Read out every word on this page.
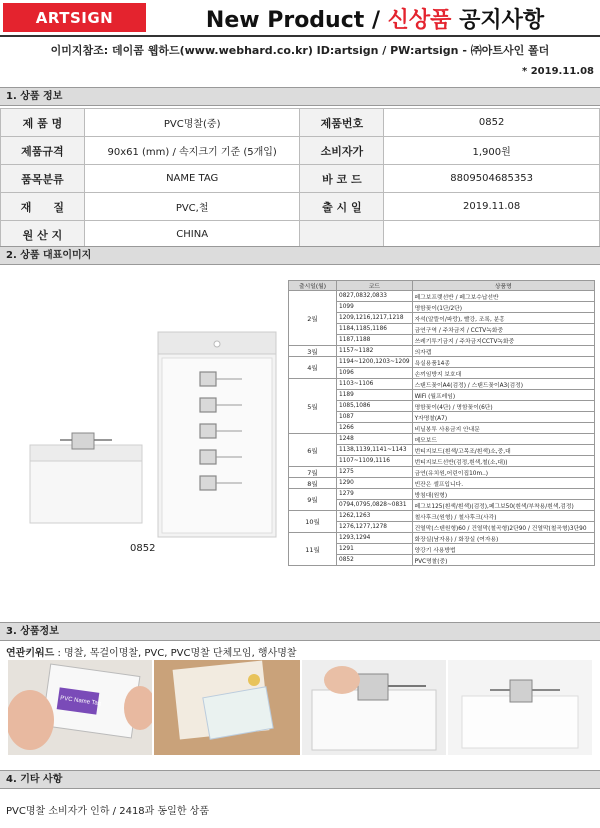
ARTSIGN	New Product / 신상품 공지사항
이미지참조: 데이콤 웹하드(www.webhard.co.kr) ID:artsign / PW:artsign - ㈜아트사인 폴더
* 2019.11.08
1. 상품 정보
제 품 명	PVC명찰(중)	제품번호	0852
제품규격	90x61 (mm) / 속지크기 기준 (5개입)	소비자가	1,900원
품목분류	NAME TAG	바 코 드	8809504685353
재　　질	PVC,철	출 시 일	2019.11.08
원 산 지	CHINA		
2. 상품 대표이미지
0852
출시일(월)	코드	상품명
2월	0827,0832,0833	페그보프랫선반 / 페그보수납선반
	1099	명함꽂이(1단/2단)
	1209,1216,1217,1218	자석(알뜰이/파랑), 빨강, 조록, 분홍
	1184,1185,1186	금연구역 / 주차금지 / CCTV녹화중
	1187,1188	쓰레기투기금지 / 주차금지CCTV녹화중
3월	1157~1182	의자캡
4월	1194~1200,1203~1209	욕실용품14종
	1096	손끼임방지 보호대
5월	1103~1106	스탠드꽂이A4(검정) / 스탠드꽂이A3(검정)
	1189	WiFi (월프레임)
	1085,1086	명함꽂이(4단) / 명함꽂이(6단)
	1087	Y자명찰(A7)
	1266	비닐봉투 사용금지 안내문
6월	1248	메모보드
	1138,1139,1141~1143	번티지보드(흰색/고목조/흰색)소,중,대
	1107~1109,1116	번티지보드선반(검정,흰색,철(소,대))
7월	1275	금연(유치원,어린이집10m..)
8월	1290	빈잔은 셀프입니다.
9월	1279	방침대(원형)
	0794,0795,0828~0831	페그보125(흰색/흰색)(검정),페그보50(흰색/부착용/흰색,검정)
10월	1262,1263	철사후크(원형) / 철사후크(사각)
	1276,1277,1278	건열막(스텐원형)60 / 건열막(철곡형)2단90 / 건열막(철곡형)3단90
11월	1293,1294	화장실(남자용) / 화장실 (여자용)
	1291	양강기 사용방법
	0852	PVC명찰(중)
3. 상품정보
연관키워드 : 명찰, 목걸이명찰, PVC, PVC명찰 단체모임, 행사명찰
PVC Name Tag
4. 기타 사항
PVC명찰 소비자가 인하 / 2418과 동일한 상품
